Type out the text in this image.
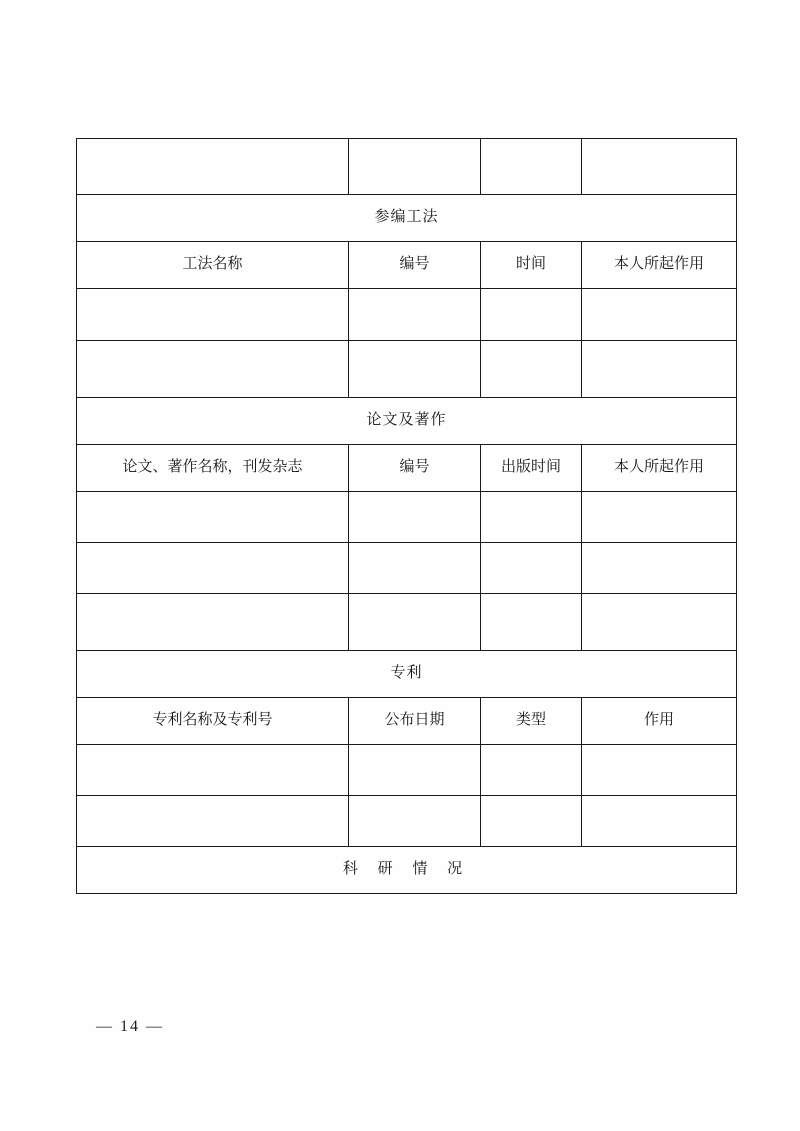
参编工法			
工法名称	编号	时间	本人所起作用

论文及著作			
论文、著作名称，刊发杂志	编号	出版时间	本人所起作用

专利			
专利名称及专利号	公布日期	类型	作用

科 研 情 况			
— 14 —
